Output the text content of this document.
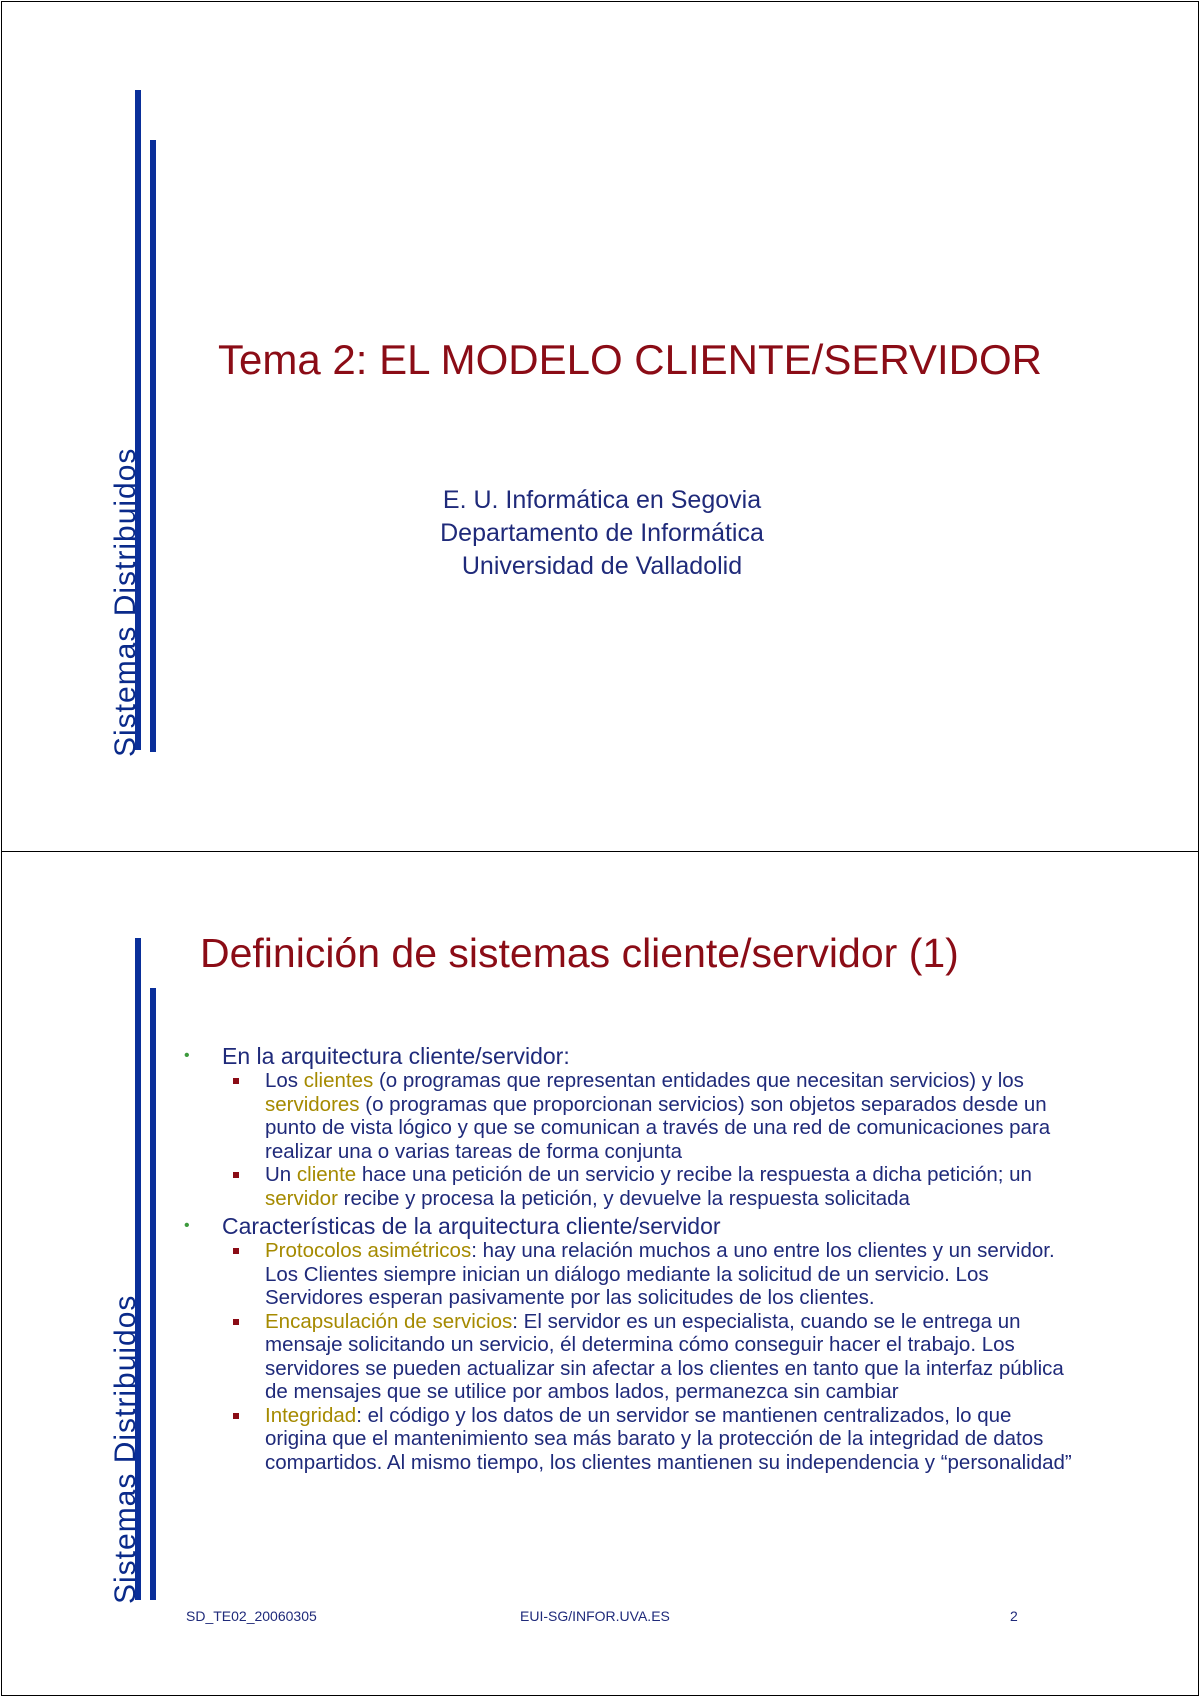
Sistemas Distribuidos
Tema 2: EL MODELO CLIENTE/SERVIDOR
E. U. Informática en Segovia
Departamento de Informática
Universidad de Valladolid
Sistemas Distribuidos
Definición de sistemas cliente/servidor (1)
• En la arquitectura cliente/servidor:
Los clientes (o programas que representan entidades que necesitan servicios) y los servidores (o programas que proporcionan servicios) son objetos separados desde un punto de vista lógico y que se comunican a través de una red de comunicaciones para realizar una o varias tareas de forma conjunta
Un cliente hace una petición de un servicio y recibe la respuesta a dicha petición; un servidor recibe y procesa la petición, y devuelve la respuesta solicitada
• Características de la arquitectura cliente/servidor
Protocolos asimétricos: hay una relación muchos a uno entre los clientes y un servidor. Los Clientes siempre inician un diálogo mediante la solicitud de un servicio. Los Servidores esperan pasivamente por las solicitudes de los clientes.
Encapsulación de servicios: El servidor es un especialista, cuando se le entrega un mensaje solicitando un servicio, él determina cómo conseguir hacer el trabajo. Los servidores se pueden actualizar sin afectar a los clientes en tanto que la interfaz pública de mensajes que se utilice por ambos lados, permanezca sin cambiar
Integridad: el código y los datos de un servidor se mantienen centralizados, lo que origina que el mantenimiento sea más barato y la protección de la integridad de datos compartidos. Al mismo tiempo, los clientes mantienen su independencia y “personalidad”
SD_TE02_20060305	EUI-SG/INFOR.UVA.ES	2
